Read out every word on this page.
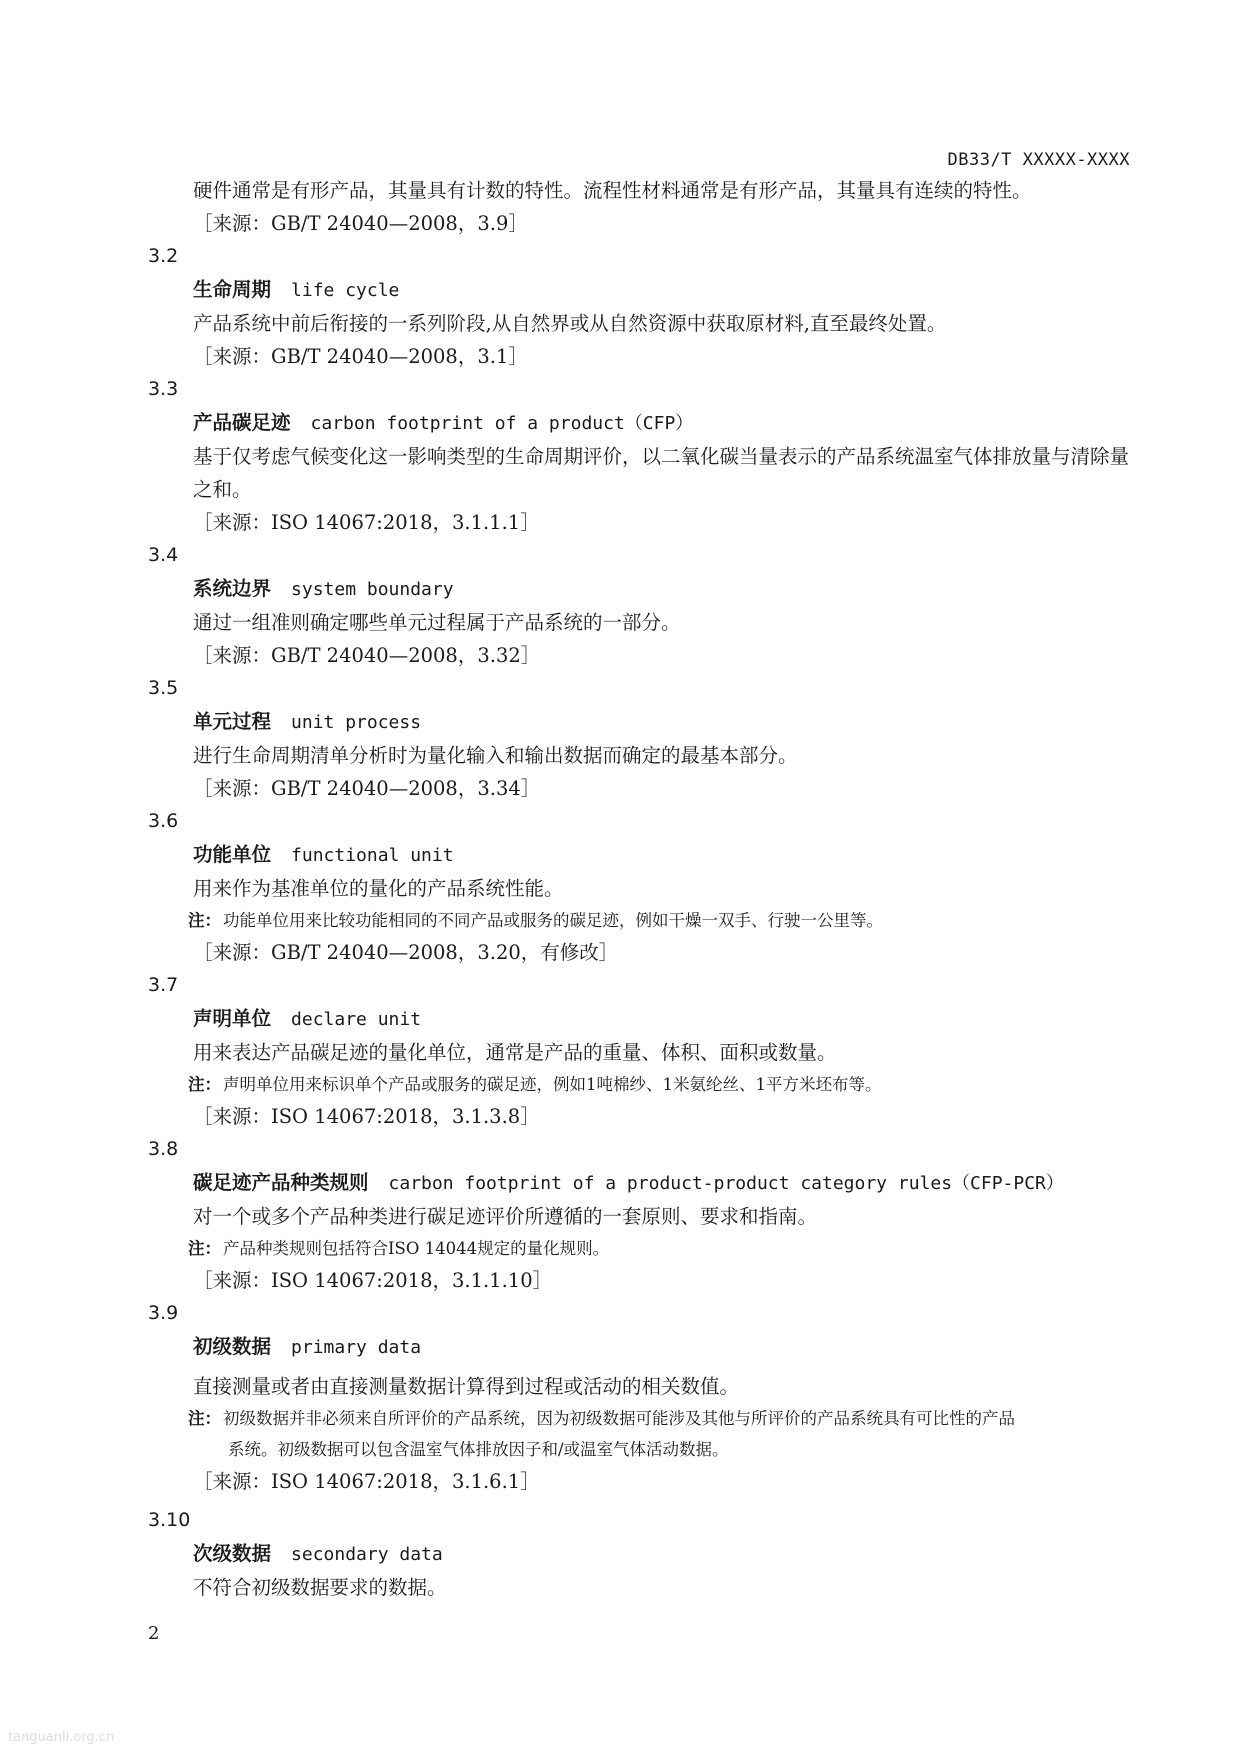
DB33/T XXXXX-XXXX
硬件通常是有形产品，其量具有计数的特性。流程性材料通常是有形产品，其量具有连续的特性。
［来源：GB/T 24040—2008，3.9］
3.2
生命周期 life cycle
产品系统中前后衔接的一系列阶段,从自然界或从自然资源中获取原材料,直至最终处置。
［来源：GB/T 24040—2008，3.1］
3.3
产品碳足迹 carbon footprint of a product（CFP）
基于仅考虑气候变化这一影响类型的生命周期评价，以二氧化碳当量表示的产品系统温室气体排放量与清除量之和。
［来源：ISO 14067:2018，3.1.1.1］
3.4
系统边界 system boundary
通过一组准则确定哪些单元过程属于产品系统的一部分。
［来源：GB/T 24040—2008，3.32］
3.5
单元过程 unit process
进行生命周期清单分析时为量化输入和输出数据而确定的最基本部分。
［来源：GB/T 24040—2008，3.34］
3.6
功能单位 functional unit
用来作为基准单位的量化的产品系统性能。
注： 功能单位用来比较功能相同的不同产品或服务的碳足迹，例如干燥一双手、行驶一公里等。
［来源：GB/T 24040—2008，3.20，有修改］
3.7
声明单位 declare unit
用来表达产品碳足迹的量化单位，通常是产品的重量、体积、面积或数量。
注： 声明单位用来标识单个产品或服务的碳足迹，例如1吨棉纱、1米氨纶丝、1平方米坯布等。
［来源：ISO 14067:2018，3.1.3.8］
3.8
碳足迹产品种类规则 carbon footprint of a product-product category rules（CFP-PCR）
对一个或多个产品种类进行碳足迹评价所遵循的一套原则、要求和指南。
注： 产品种类规则包括符合ISO 14044规定的量化规则。
［来源：ISO 14067:2018，3.1.1.10］
3.9
初级数据 primary data
直接测量或者由直接测量数据计算得到过程或活动的相关数值。
注： 初级数据并非必须来自所评价的产品系统，因为初级数据可能涉及其他与所评价的产品系统具有可比性的产品
系统。初级数据可以包含温室气体排放因子和/或温室气体活动数据。
［来源：ISO 14067:2018，3.1.6.1］
3.10
次级数据 secondary data
不符合初级数据要求的数据。
2
tanguanli.org.cn
